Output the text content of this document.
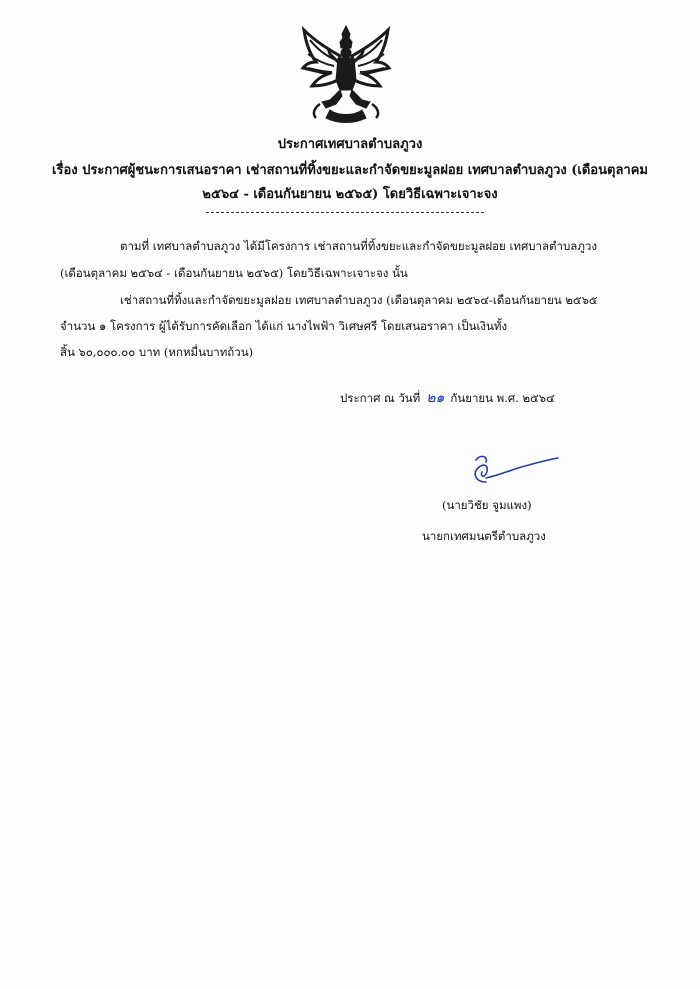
ประกาศเทศบาลตำบลภูวง
เรื่อง ประกาศผู้ชนะการเสนอราคา เช่าสถานที่ทิ้งขยะและกำจัดขยะมูลฝอย เทศบาลตำบลภูวง (เดือนตุลาคม
๒๕๖๔ - เดือนกันยายน ๒๕๖๕) โดยวิธีเฉพาะเจาะจง
ตามที่ เทศบาลตำบลภูวง ได้มีโครงการ เช่าสถานที่ทิ้งขยะและกำจัดขยะมูลฝอย เทศบาลตำบลภูวง
(เดือนตุลาคม ๒๕๖๔ - เดือนกันยายน ๒๕๖๕) โดยวิธีเฉพาะเจาะจง นั้น
เช่าสถานที่ทิ้งและกำจัดขยะมูลฝอย เทศบาลตำบลภูวง (เดือนตุลาคม ๒๕๖๔-เดือนกันยายน ๒๕๖๕
จำนวน ๑ โครงการ ผู้ได้รับการคัดเลือก ได้แก่ นางไพฟ้า วิเศษศรี โดยเสนอราคา เป็นเงินทั้ง
สิ้น ๖๐,๐๐๐.๐๐ บาท (หกหมื่นบาทถ้วน)
ประกาศ ณ วันที่ ๒๑ กันยายน พ.ศ. ๒๕๖๔
(นายวิชัย จูมแพง)
นายกเทศมนตรีตำบลภูวง
